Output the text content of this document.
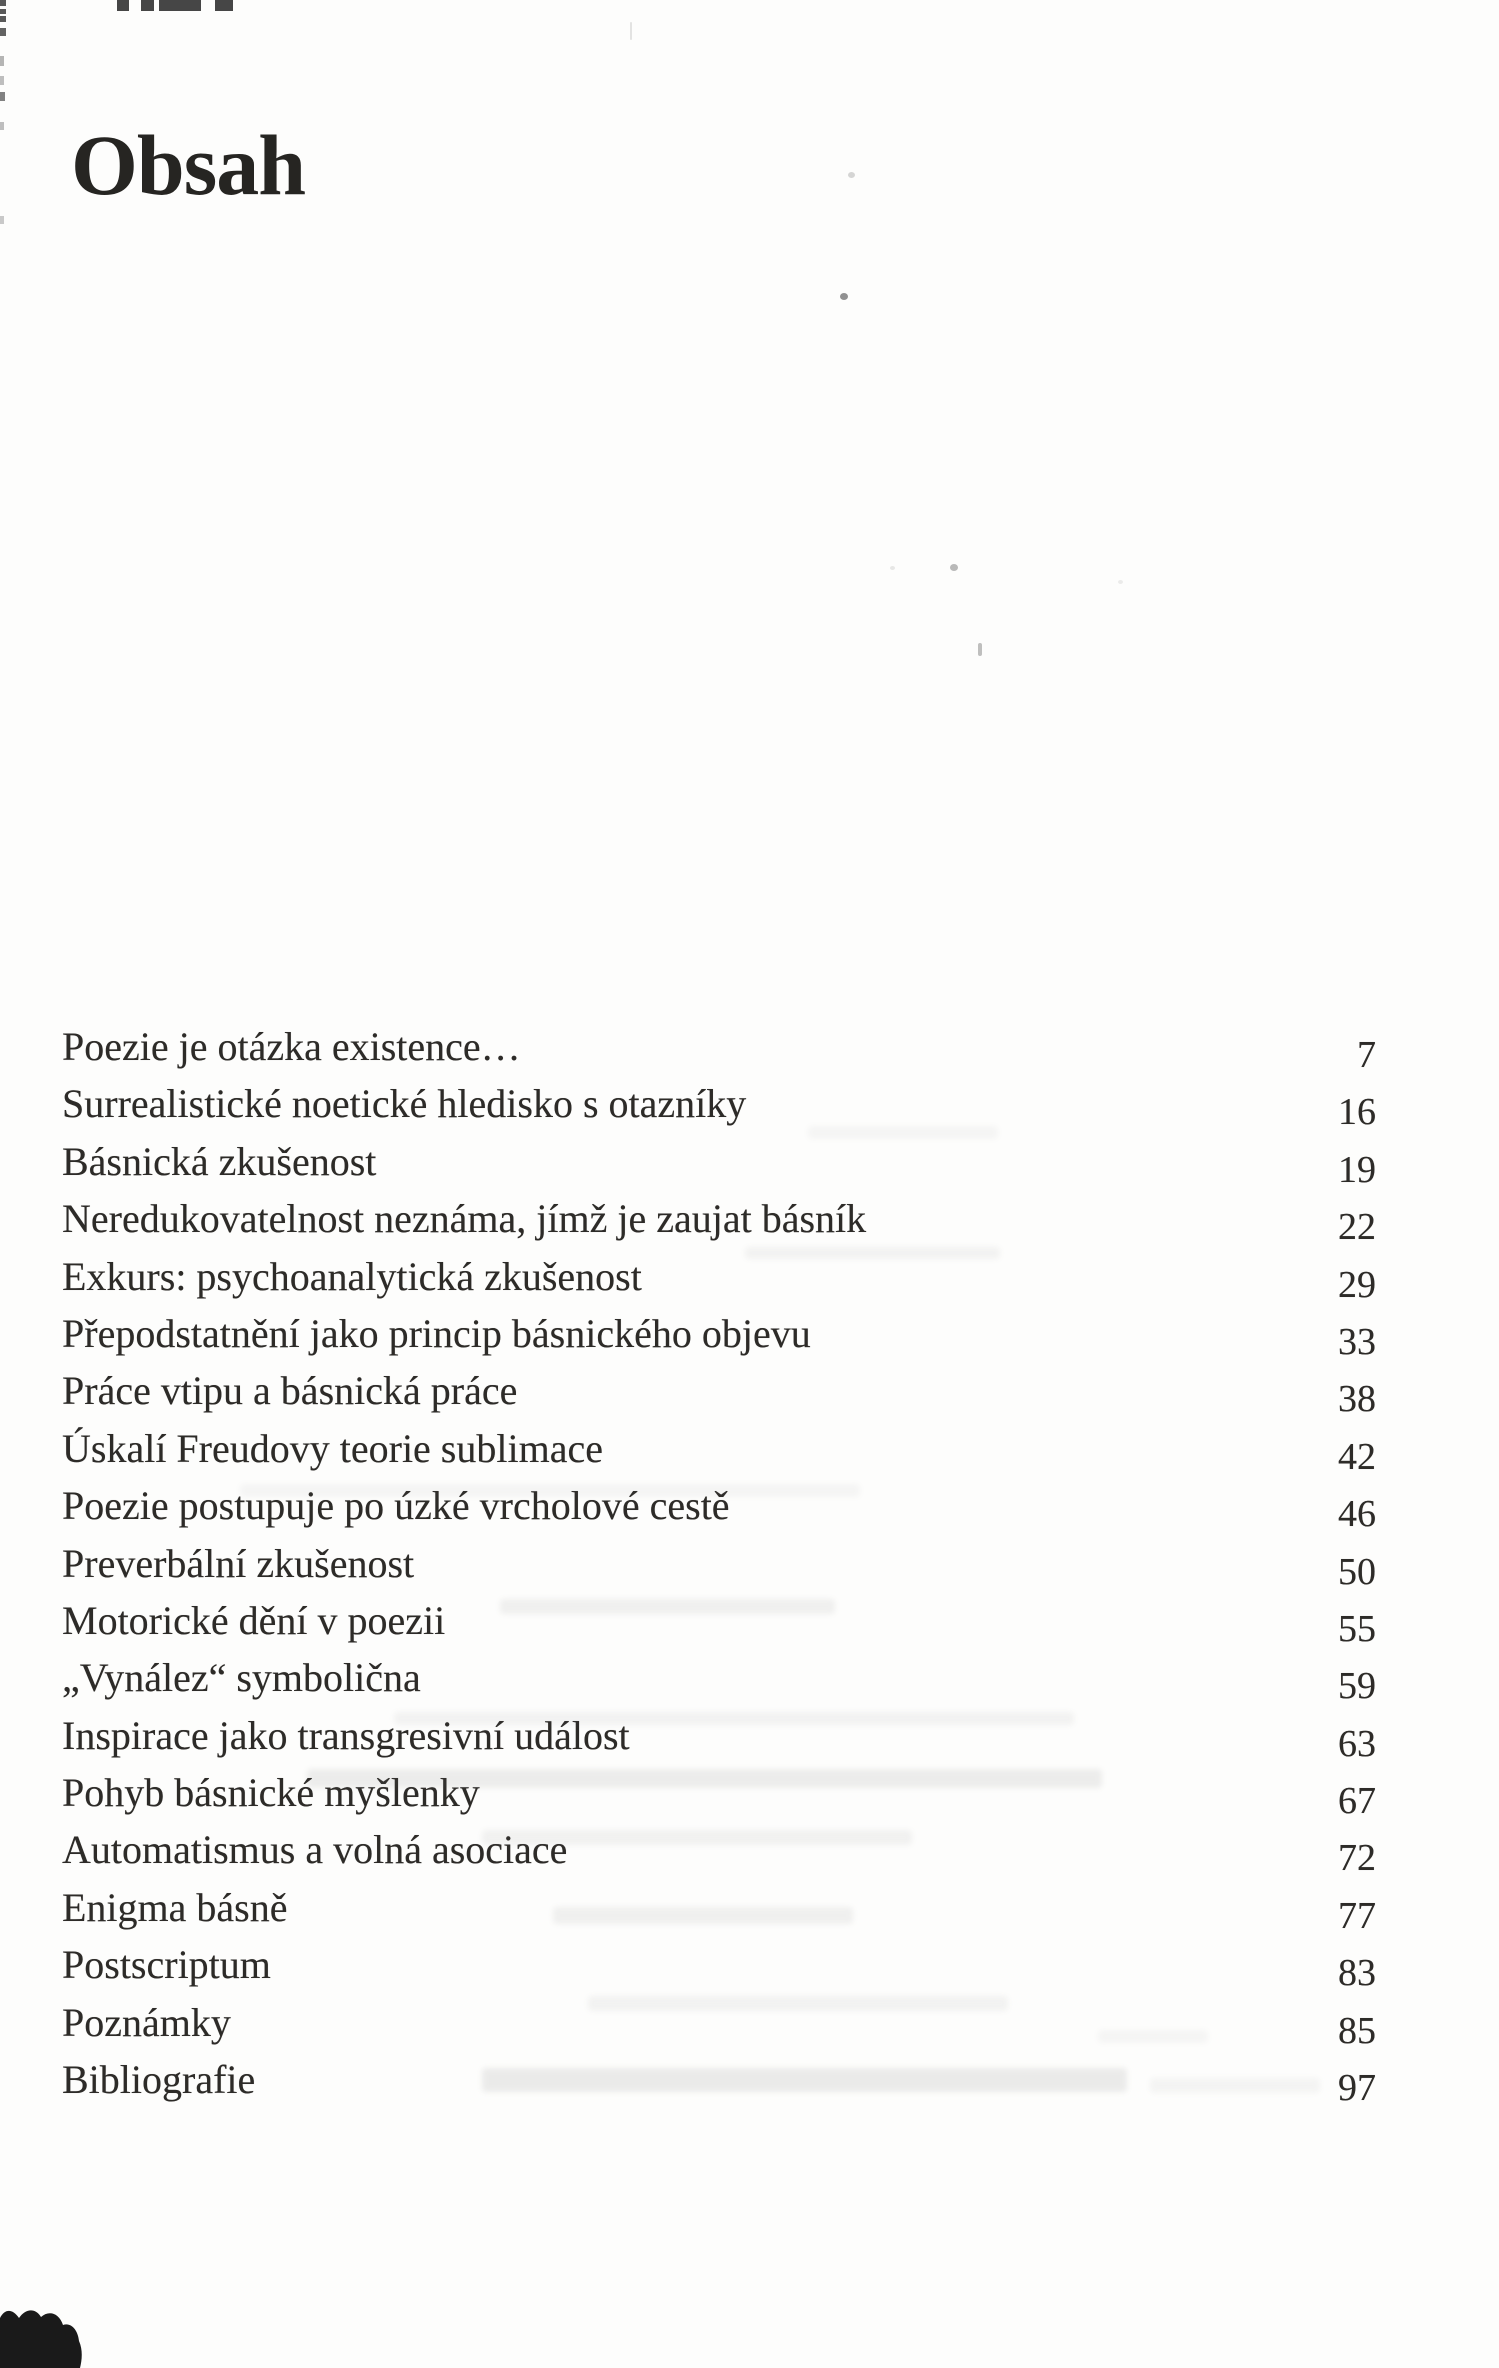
Obsah
Poezie je otázka existence…	7
Surrealistické noetické hledisko s otazníky	16
Básnická zkušenost	19
Neredukovatelnost neznáma, jímž je zaujat básník	22
Exkurs: psychoanalytická zkušenost	29
Přepodstatnění jako princip básnického objevu	33
Práce vtipu a básnická práce	38
Úskalí Freudovy teorie sublimace	42
Poezie postupuje po úzké vrcholové cestě	46
Preverbální zkušenost	50
Motorické dění v poezii	55
„Vynález“ symbolična	59
Inspirace jako transgresivní událost	63
Pohyb básnické myšlenky	67
Automatismus a volná asociace	72
Enigma básně	77
Postscriptum	83
Poznámky	85
Bibliografie	97
